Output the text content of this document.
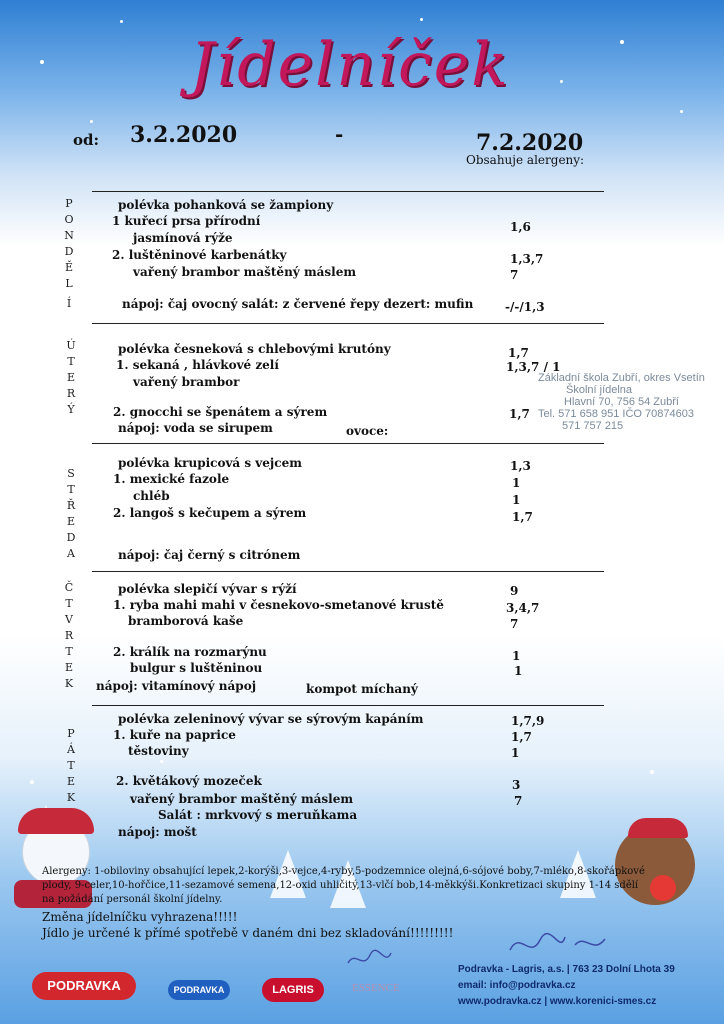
Jídelníček
od: 3.2.2020	-	7.2.2020
Obsahuje alergeny:
P
O
N
D
Ě
L
Í
polévka pohanková se žampiony
1 kuřecí prsa přírodní	1,6
jasmínová rýže
2. luštěninové karbenátky	1,3,7
vařený brambor maštěný máslem	7
nápoj: čaj ovocný salát: z červené řepy dezert: mufin	-/-/1,3
Ú
T
E
R
Ý
polévka česneková s chlebovými krutóny	1,7
1. sekaná , hlávkové zelí	1,3,7 / 1
vařený brambor
2. gnocchi se špenátem a sýrem	1,7
nápoj: voda se sirupem	ovoce:
Základní škola Zubří, okres Vsetín
Školní jídelna
Hlavní 70, 756 54 Zubří
Tel. 571 658 951 IČO 70874603
571 757 215
S
T
Ř
E
D
A
polévka krupicová s vejcem	1,3
1. mexické fazole	1
chléb	1
2. langoš s kečupem a sýrem	1,7
nápoj: čaj černý s citrónem
Č
T
V
R
T
E
K
polévka slepičí vývar s rýží	9
1. ryba mahi mahi v česnekovo-smetanové krustě	3,4,7
bramborová kaše	7
2. králík na rozmarýnu	1
bulgur s luštěninou	1
nápoj: vitamínový nápoj	kompot míchaný
P
Á
T
E
K
polévka zeleninový vývar se sýrovým kapáním	1,7,9
1. kuře na paprice	1,7
těstoviny	1
2. květákový mozeček	3
vařený brambor maštěný máslem	7
Salát : mrkvový s meruňkama
nápoj: mošt
Alergeny: 1-obiloviny obsahující lepek,2-korýši,3-vejce,4-ryby,5-podzemnice olejná,6-sójové boby,7-mléko,8-skořápkové
plody, 9-celer,10-hořčice,11-sezamové semena,12-oxid uhličitý,13-vlčí bob,14-měkkýši.Konkretizaci skupiny 1-14 sdělí
na požádání personál školní jídelny.
Změna jídelníčku vyhrazena!!!!!
Jídlo je určené k přímé spotřebě v daném dni bez skladování!!!!!!!!!
PODRAVKA	PODRAVKA	LAGRIS	ESSENCE
Podravka - Lagris, a.s. | 763 23 Dolní Lhota 39
email: info@podravka.cz
www.podravka.cz | www.korenici-smes.cz
